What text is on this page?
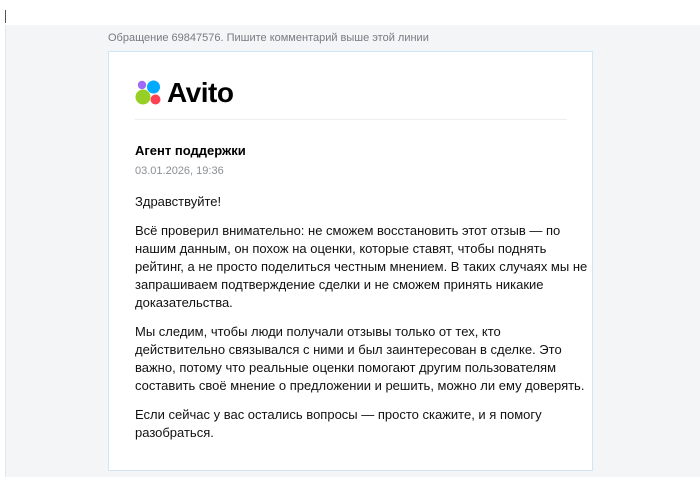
Обращение 69847576. Пишите комментарий выше этой линии
Avito
Агент поддержки
03.01.2026, 19:36

Здравствуйте!

Всё проверил внимательно: не сможем восстановить этот отзыв — по
нашим данным, он похож на оценки, которые ставят, чтобы поднять
рейтинг, а не просто поделиться честным мнением. В таких случаях мы не
запрашиваем подтверждение сделки и не сможем принять никакие
доказательства.

Мы следим, чтобы люди получали отзывы только от тех, кто
действительно связывался с ними и был заинтересован в сделке. Это
важно, потому что реальные оценки помогают другим пользователям
составить своё мнение о предложении и решить, можно ли ему доверять.

Если сейчас у вас остались вопросы — просто скажите, и я помогу
разобраться.
